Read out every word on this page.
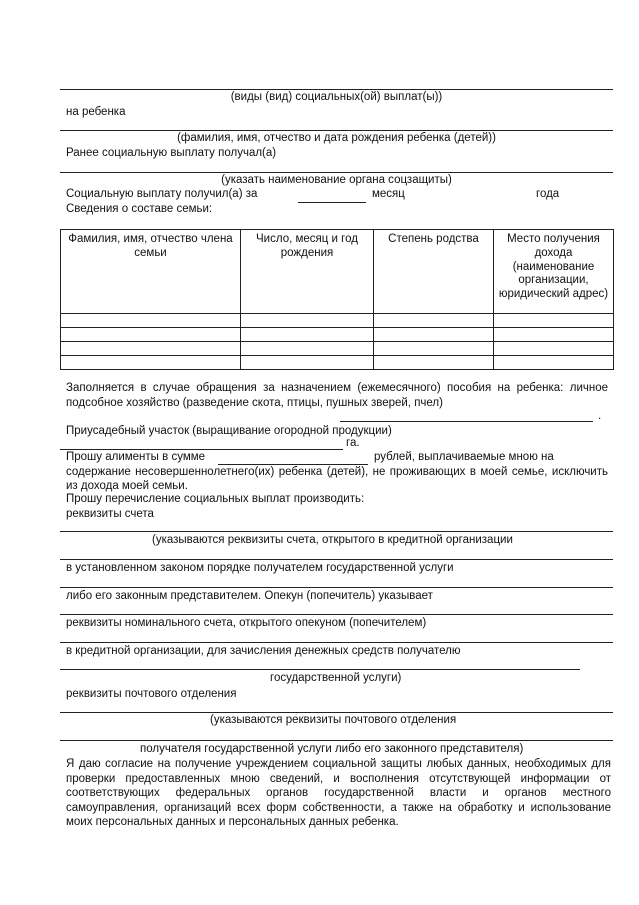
(виды (вид) социальных(ой) выплат(ы))
на ребенка
(фамилия, имя, отчество и дата рождения ребенка (детей))
Ранее социальную выплату получал(а)
(указать наименование органа соцзащиты)
Социальную выплату получил(а) за	месяц	года
Сведения о составе семьи:
Фамилия, имя, отчество члена семьи	Число, месяц и год рождения	Степень родства	Место получения дохода (наименование организации, юридический адрес)

Заполняется в случае обращения за назначением (ежемесячного) пособия на ребенка: личное подсобное хозяйство (разведение скота, птицы, пушных зверей, пчел)
.
Приусадебный участок (выращивание огородной продукции)
га.
Прошу алименты в сумме	рублей, выплачиваемые мною на
содержание несовершеннолетнего(их) ребенка (детей), не проживающих в моей семье, исключить из дохода моей семьи.
Прошу перечисление социальных выплат производить:
реквизиты счета
(указываются реквизиты счета, открытого в кредитной организации
в установленном законом порядке получателем государственной услуги
либо его законным представителем. Опекун (попечитель) указывает
реквизиты номинального счета, открытого опекуном (попечителем)
в кредитной организации, для зачисления денежных средств получателю
государственной услуги)
реквизиты почтового отделения
(указываются реквизиты почтового отделения
получателя государственной услуги либо его законного представителя)
Я даю согласие на получение учреждением социальной защиты любых данных, необходимых для проверки предоставленных мною сведений, и восполнения отсутствующей информации от соответствующих федеральных органов государственной власти и органов местного самоуправления, организаций всех форм собственности, а также на обработку и использование моих персональных данных и персональных данных ребенка.
